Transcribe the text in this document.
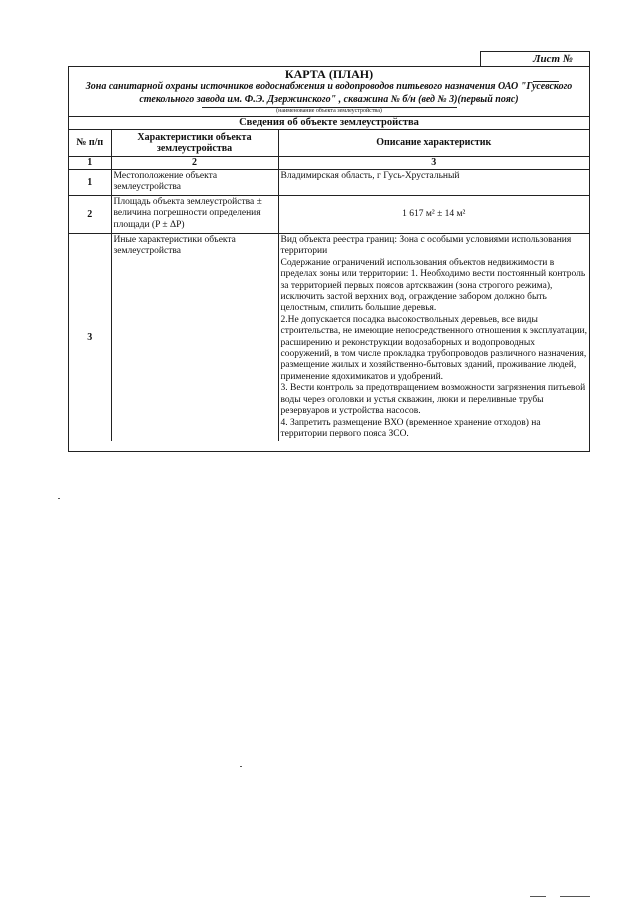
Лист №
КАРТА (ПЛАН)
Зона санитарной охраны источников водоснабжения и водопроводов питьевого назначения ОАО "Гусевского стекольного завода им. Ф.Э. Дзержинского" , скважина № б/н (вед № 3)(первый пояс)
(наименование объекта землеустройства)
Сведения об объекте землеустройства
№ п/п	Характеристики объекта землеустройства	Описание характеристик
1	2	3
1	Местоположение объекта землеустройства	Владимирская область, г Гусь-Хрустальный

2	Площадь объекта землеустройства ± величина погрешности определения площади (P ± ΔP)	1 617 м² ± 14 м²

3	Иные характеристики объекта землеустройства	Вид объекта реестра границ: Зона с особыми условиями использования территории
Содержание ограничений использования объектов недвижимости в пределах зоны или территории: 1. Необходимо вести постоянный контроль за территорией первых поясов артскважин (зона строгого режима), исключить застой верхних вод, ограждение забором должно быть целостным, спилить большие деревья.
2.Не допускается посадка высокоствольных деревьев, все виды строительства, не имеющие непосредственного отношения к эксплуатации, расширению и реконструкции водозаборных и водопроводных сооружений, в том числе прокладка трубопроводов различного назначения, размещение жилых и хозяйственно-бытовых зданий, проживание людей, применение ядохимикатов и удобрений.
3. Вести контроль за предотвращением возможности загрязнения питьевой воды через оголовки и устья скважин, люки и переливные трубы резервуаров и устройства насосов.
4. Запретить размещение ВХО (временное хранение отходов) на территории первого пояса ЗСО.
